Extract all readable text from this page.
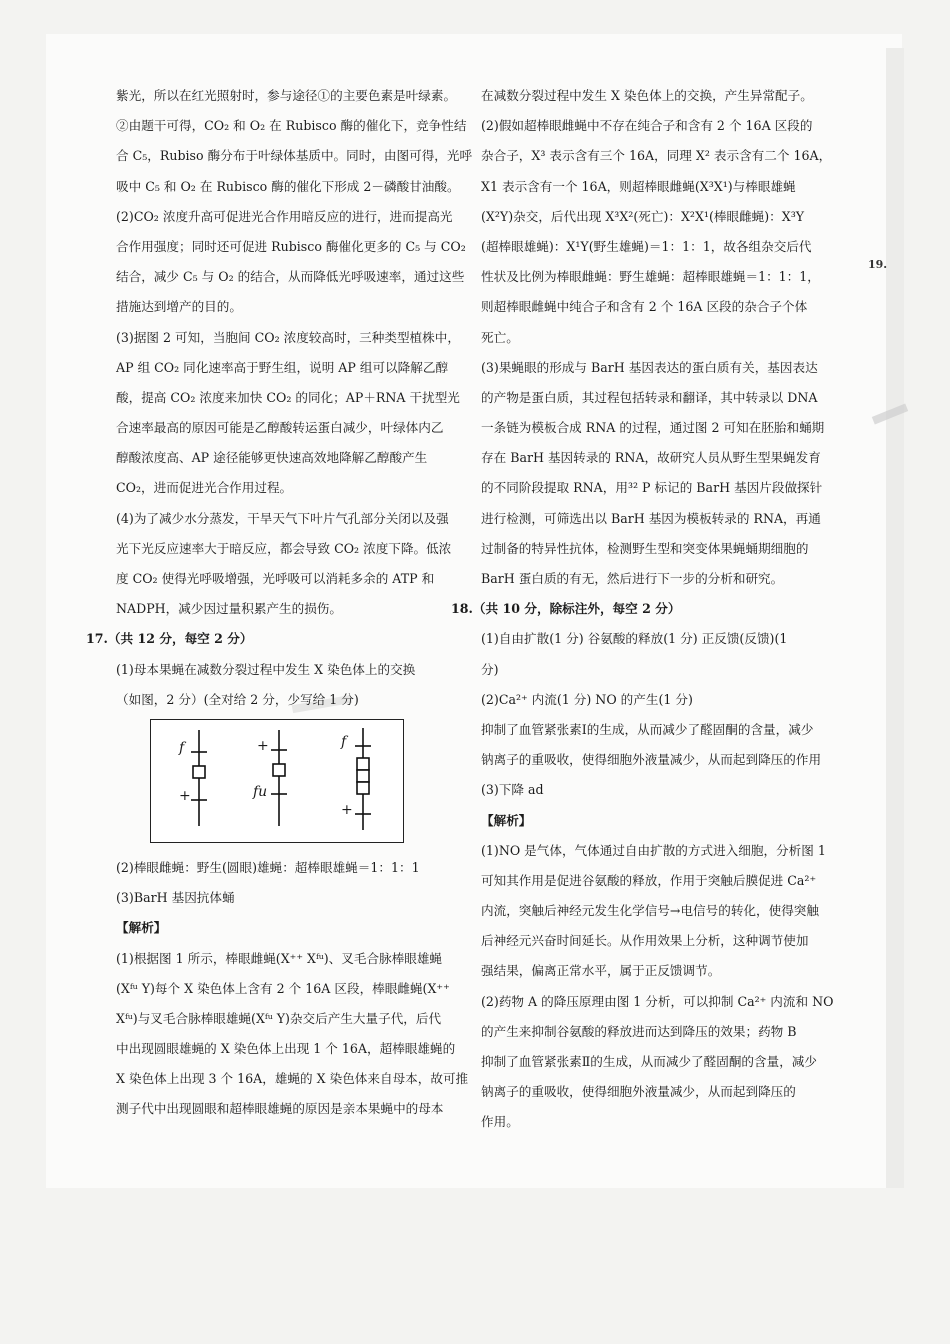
19.
紫光，所以在红光照射时，参与途径①的主要色素是叶绿素。
②由题干可得，CO₂ 和 O₂ 在 Rubisco 酶的催化下，竞争性结
合 C₅，Rubiso 酶分布于叶绿体基质中。同时，由图可得，光呼
吸中 C₅ 和 O₂ 在 Rubisco 酶的催化下形成 2－磷酸甘油酸。
(2)CO₂ 浓度升高可促进光合作用暗反应的进行，进而提高光
合作用强度；同时还可促进 Rubisco 酶催化更多的 C₅ 与 CO₂
结合，减少 C₅ 与 O₂ 的结合，从而降低光呼吸速率，通过这些
措施达到增产的目的。
(3)据图 2 可知，当胞间 CO₂ 浓度较高时，三种类型植株中，
AP 组 CO₂ 同化速率高于野生组，说明 AP 组可以降解乙醇
酸，提高 CO₂ 浓度来加快 CO₂ 的同化；AP＋RNA 干扰型光
合速率最高的原因可能是乙醇酸转运蛋白减少，叶绿体内乙
醇酸浓度高、AP 途径能够更快速高效地降解乙醇酸产生
CO₂，进而促进光合作用过程。
(4)为了减少水分蒸发，干旱天气下叶片气孔部分关闭以及强
光下光反应速率大于暗反应，都会导致 CO₂ 浓度下降。低浓
度 CO₂ 使得光呼吸增强，光呼吸可以消耗多余的 ATP 和
NADPH，减少因过量积累产生的损伤。
17.（共 12 分，每空 2 分）
(1)母本果蝇在减数分裂过程中发生 X 染色体上的交换
（如图，2 分）(全对给 2 分，少写给 1 分)
f
+
+
fu
f
+
(2)棒眼雌蝇：野生(圆眼)雄蝇：超棒眼雄蝇＝1：1：1
(3)BarH 基因抗体蛹
【解析】
(1)根据图 1 所示，棒眼雌蝇(X⁺⁺ Xᶠᵘ)、叉毛合脉棒眼雄蝇
(Xᶠᵘ Y)每个 X 染色体上含有 2 个 16A 区段，棒眼雌蝇(X⁺⁺
Xᶠᵘ)与叉毛合脉棒眼雄蝇(Xᶠᵘ Y)杂交后产生大量子代，后代
中出现圆眼雄蝇的 X 染色体上出现 1 个 16A，超棒眼雄蝇的
X 染色体上出现 3 个 16A，雄蝇的 X 染色体来自母本，故可推
测子代中出现圆眼和超棒眼雄蝇的原因是亲本果蝇中的母本
在减数分裂过程中发生 X 染色体上的交换，产生异常配子。
(2)假如超棒眼雌蝇中不存在纯合子和含有 2 个 16A 区段的
杂合子，X³ 表示含有三个 16A，同理 X² 表示含有二个 16A，
X1 表示含有一个 16A，则超棒眼雌蝇(X³X¹)与棒眼雄蝇
(X²Y)杂交，后代出现 X³X²(死亡)：X²X¹(棒眼雌蝇)：X³Y
(超棒眼雄蝇)：X¹Y(野生雄蝇)＝1：1：1，故各组杂交后代
性状及比例为棒眼雌蝇：野生雄蝇：超棒眼雄蝇＝1：1：1，
则超棒眼雌蝇中纯合子和含有 2 个 16A 区段的杂合子个体
死亡。
(3)果蝇眼的形成与 BarH 基因表达的蛋白质有关，基因表达
的产物是蛋白质，其过程包括转录和翻译，其中转录以 DNA
一条链为模板合成 RNA 的过程，通过图 2 可知在胚胎和蛹期
存在 BarH 基因转录的 RNA，故研究人员从野生型果蝇发育
的不同阶段提取 RNA，用³² P 标记的 BarH 基因片段做探针
进行检测，可筛选出以 BarH 基因为模板转录的 RNA，再通
过制备的特异性抗体，检测野生型和突变体果蝇蛹期细胞的
BarH 蛋白质的有无，然后进行下一步的分析和研究。
18.（共 10 分，除标注外，每空 2 分）
(1)自由扩散(1 分) 谷氨酸的释放(1 分) 正反馈(反馈)(1
分)
(2)Ca²⁺ 内流(1 分) NO 的产生(1 分)
抑制了血管紧张素Ⅰ的生成，从而减少了醛固酮的含量，减少
钠离子的重吸收，使得细胞外液量减少，从而起到降压的作用
(3)下降 ad
【解析】
(1)NO 是气体，气体通过自由扩散的方式进入细胞，分析图 1
可知其作用是促进谷氨酸的释放，作用于突触后膜促进 Ca²⁺
内流，突触后神经元发生化学信号→电信号的转化，使得突触
后神经元兴奋时间延长。从作用效果上分析，这种调节使加
强结果，偏离正常水平，属于正反馈调节。
(2)药物 A 的降压原理由图 1 分析，可以抑制 Ca²⁺ 内流和 NO
的产生来抑制谷氨酸的释放进而达到降压的效果；药物 B
抑制了血管紧张素Ⅱ的生成，从而减少了醛固酮的含量，减少
钠离子的重吸收，使得细胞外液量减少，从而起到降压的
作用。
